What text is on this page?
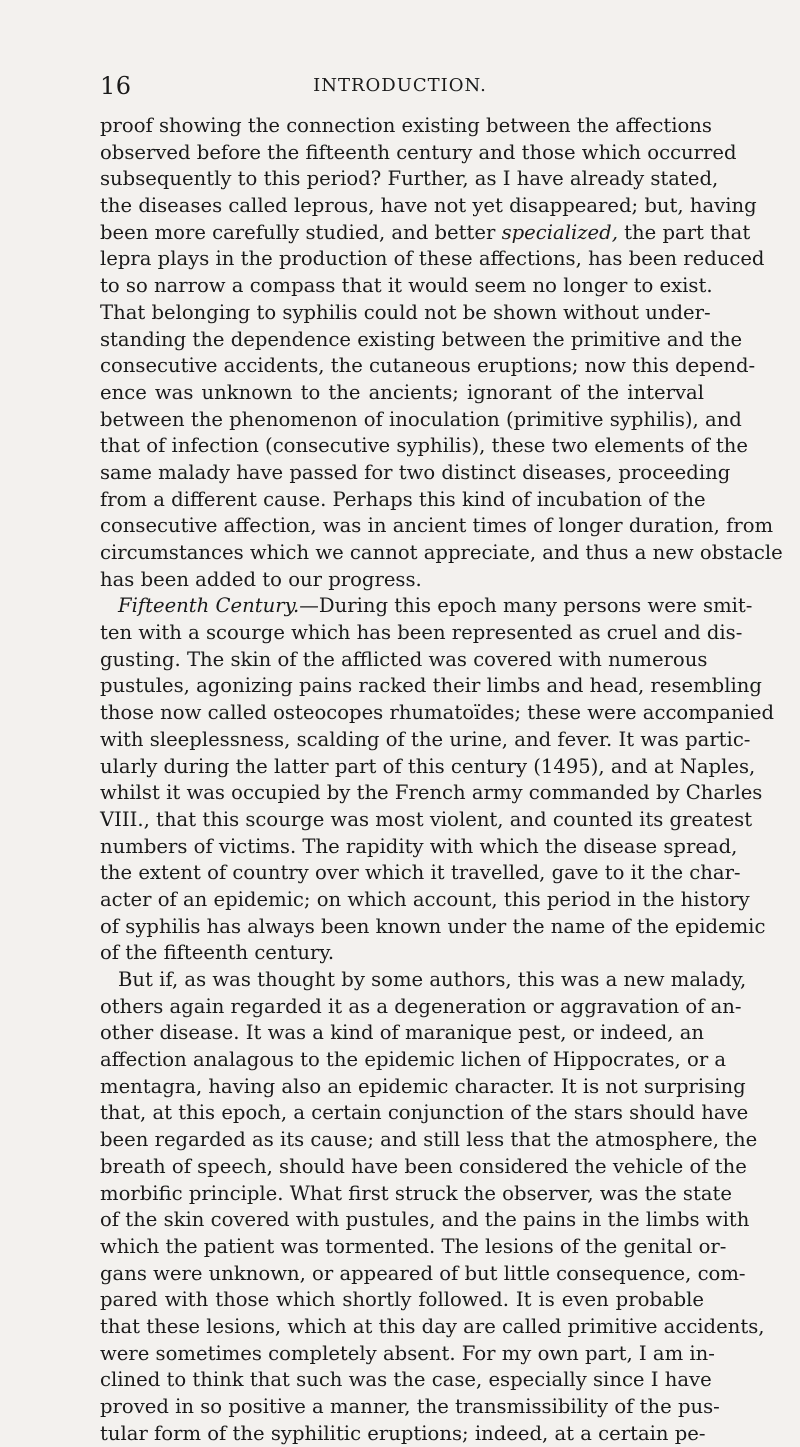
16	INTRODUCTION.
proof showing the connection existing between the affections
observed before the fifteenth century and those which occurred
subsequently to this period? Further, as I have already stated,
the diseases called leprous, have not yet disappeared; but, having
been more carefully studied, and better specialized, the part that
lepra plays in the production of these affections, has been reduced
to so narrow a compass that it would seem no longer to exist.
That belonging to syphilis could not be shown without under-
standing the dependence existing between the primitive and the
consecutive accidents, the cutaneous eruptions; now this depend-
ence was unknown to the ancients; ignorant of the interval
between the phenomenon of inoculation (primitive syphilis), and
that of infection (consecutive syphilis), these two elements of the
same malady have passed for two distinct diseases, proceeding
from a different cause. Perhaps this kind of incubation of the
consecutive affection, was in ancient times of longer duration, from
circumstances which we cannot appreciate, and thus a new obstacle
has been added to our progress.
Fifteenth Century.—During this epoch many persons were smit-
ten with a scourge which has been represented as cruel and dis-
gusting. The skin of the afflicted was covered with numerous
pustules, agonizing pains racked their limbs and head, resembling
those now called osteocopes rhumatoïdes; these were accompanied
with sleeplessness, scalding of the urine, and fever. It was partic-
ularly during the latter part of this century (1495), and at Naples,
whilst it was occupied by the French army commanded by Charles
VIII., that this scourge was most violent, and counted its greatest
numbers of victims. The rapidity with which the disease spread,
the extent of country over which it travelled, gave to it the char-
acter of an epidemic; on which account, this period in the history
of syphilis has always been known under the name of the epidemic
of the fifteenth century.
But if, as was thought by some authors, this was a new malady,
others again regarded it as a degeneration or aggravation of an-
other disease. It was a kind of maranique pest, or indeed, an
affection analagous to the epidemic lichen of Hippocrates, or a
mentagra, having also an epidemic character. It is not surprising
that, at this epoch, a certain conjunction of the stars should have
been regarded as its cause; and still less that the atmosphere, the
breath of speech, should have been considered the vehicle of the
morbific principle. What first struck the observer, was the state
of the skin covered with pustules, and the pains in the limbs with
which the patient was tormented. The lesions of the genital or-
gans were unknown, or appeared of but little consequence, com-
pared with those which shortly followed. It is even probable
that these lesions, which at this day are called primitive accidents,
were sometimes completely absent. For my own part, I am in-
clined to think that such was the case, especially since I have
proved in so positive a manner, the transmissibility of the pus-
tular form of the syphilitic eruptions; indeed, at a certain pe-
